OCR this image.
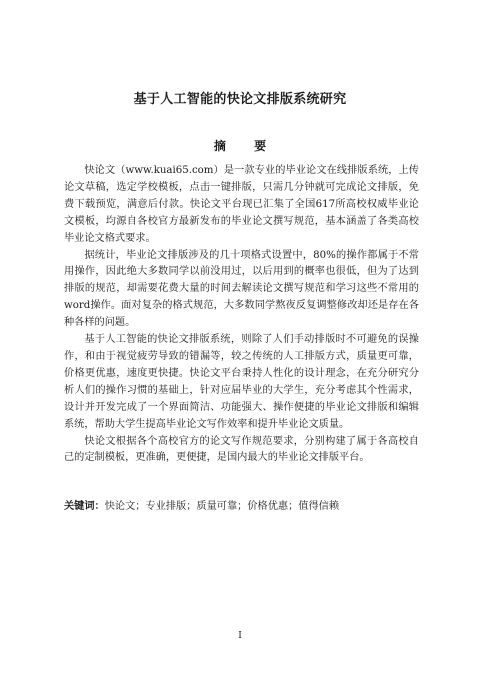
基于人工智能的快论文排版系统研究
摘 要

快论文（www.kuai65.com）是一款专业的毕业论文在线排版系统，上传论文草稿，选定学校模板，点击一键排版，只需几分钟就可完成论文排版，免费下载预览，满意后付款。快论文平台现已汇集了全国617所高校权威毕业论文模板，均源自各校官方最新发布的毕业论文撰写规范，基本涵盖了各类高校毕业论文格式要求。

据统计，毕业论文排版涉及的几十项格式设置中，80%的操作都属于不常用操作，因此绝大多数同学以前没用过，以后用到的概率也很低，但为了达到排版的规范，却需要花费大量的时间去解读论文撰写规范和学习这些不常用的word操作。面对复杂的格式规范，大多数同学熬夜反复调整修改却还是存在各种各样的问题。

基于人工智能的快论文排版系统，则除了人们手动排版时不可避免的误操作，和由于视觉疲劳导致的错漏等，较之传统的人工排版方式，质量更可靠，价格更优惠，速度更快捷。快论文平台秉持人性化的设计理念，在充分研究分析人们的操作习惯的基础上，针对应届毕业的大学生，充分考虑其个性需求，设计并开发完成了一个界面简洁、功能强大、操作便捷的毕业论文排版和编辑系统，帮助大学生提高毕业论文写作效率和提升毕业论文质量。

快论文根据各个高校官方的论文写作规范要求，分别构建了属于各高校自己的定制模板，更准确，更便捷，是国内最大的毕业论文排版平台。

关键词：快论文；专业排版；质量可靠；价格优惠；值得信赖
I
